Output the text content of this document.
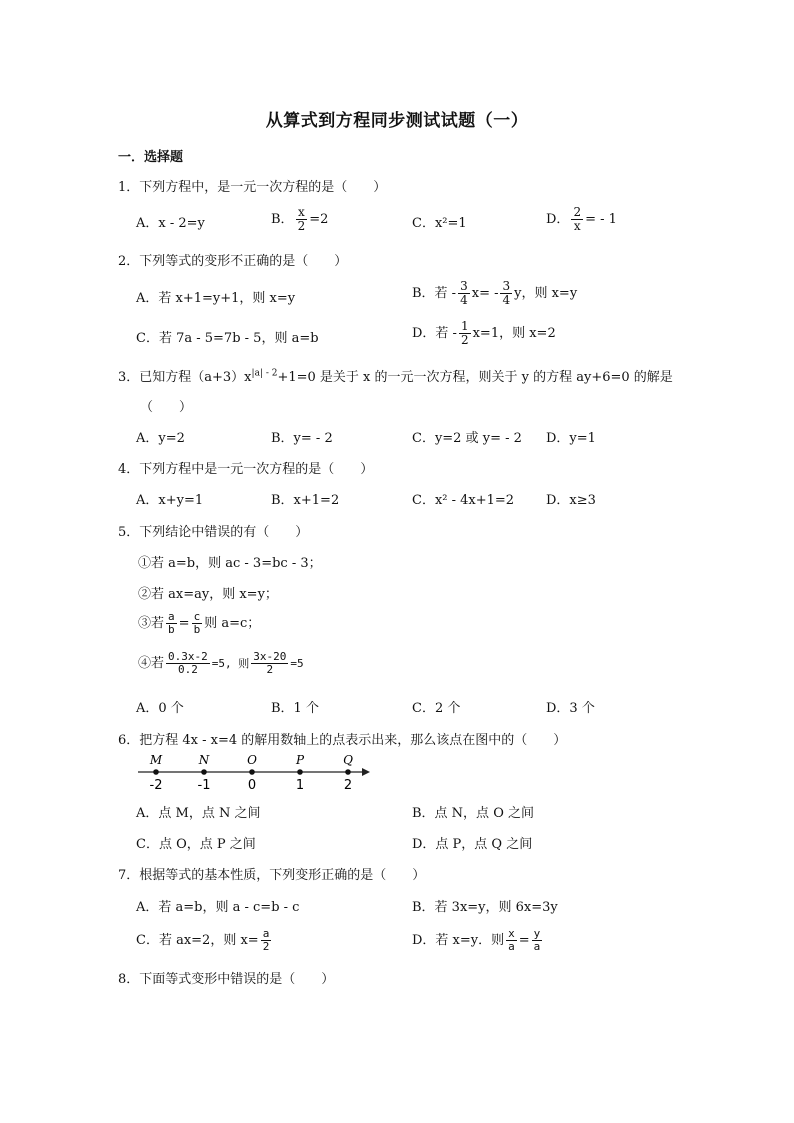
从算式到方程同步测试试题（一）
一．选择题
1．下列方程中，是一元一次方程的是（　　）
A．x - 2=y	B． $\frac{x}{2} =2$	C．x²=1	D． $\frac{2}{x}$ = - 1
2．下列等式的变形不正确的是（　　）
A．若 x+1=y+1，则 x=y	B．若 - $\frac{3}{4} x= - \frac{3}{4}$ y，则 x=y
C．若 7a - 5=7b - 5，则 a=b	D．若 - $\frac{1}{2} x=1$，则 x=2
3．已知方程$(a+3)x^{|a| - 2}+1=0$ 是关于 x 的一元一次方程，则关于 y 的方程 ay+6=0 的解是
（　　）
A．y=2	B．y= - 2	C．y=2 或 y= - 2 D．y=1
4．下列方程中是一元一次方程的是（　　）
A．x+y=1	B．x+1=2	C．x² - 4x+1=2 D．x≥3
5．下列结论中错误的有（　　）
①若 a=b，则 ac - 3=bc - 3；
②若 ax=ay，则 x=y；
③若 $\frac{a}{b} = \frac{c}{b}$ 则 a=c；
④若 $\frac{0.3x-2}{0.2} =5$, 则 $\frac{3x-20}{2} =5$
A．0 个	B．1 个	C．2 个	D．3 个
6．把方程 4x - x=4 的解用数轴上的点表示出来，那么该点在图中的（　　）
M
-2
N
-1
O
0
P
1
Q
2
A．点 M，点 N 之间	B．点 N，点 O 之间
C．点 O，点 P 之间	D．点 P，点 Q 之间
7．根据等式的基本性质，下列变形正确的是（　　）
A．若 a=b，则 a - c=b - c	B．若 3x=y，则 6x=3y
C．若 ax=2，则 $x= \frac{a}{2}$	D．若 x=y．则 $\frac{x}{a} = \frac{y}{a}$
8．下面等式变形中错误的是（　　）
